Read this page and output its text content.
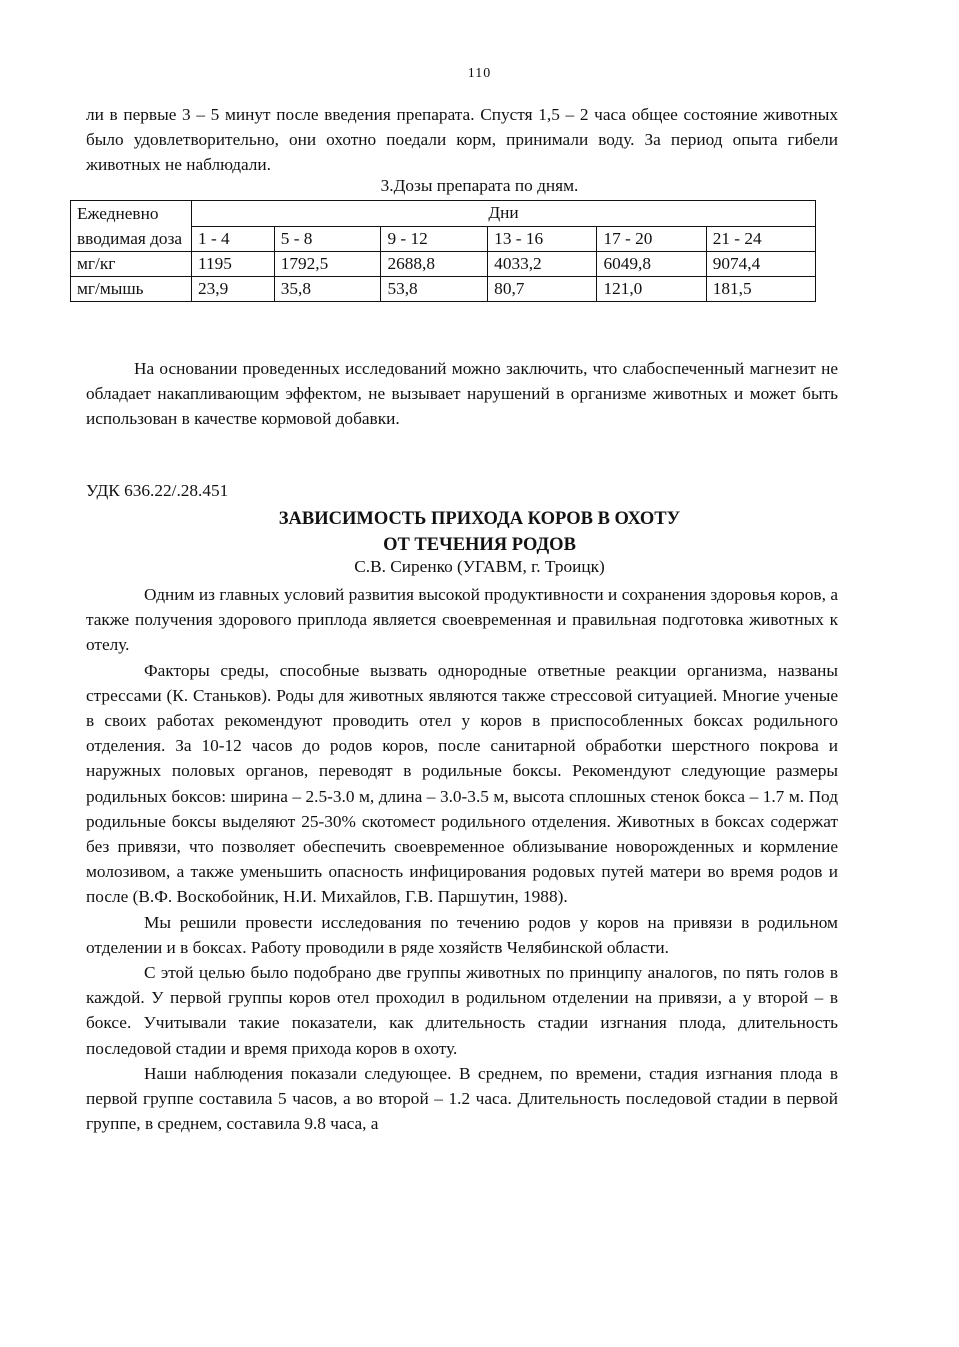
110
ли в первые 3 – 5 минут после введения препарата. Спустя 1,5 – 2 часа общее состояние животных было удовлетворительно, они охотно поедали корм, принимали воду. За период опыта гибели животных не наблюдали.
3.Дозы препарата по дням.
Ежедневно вводимая доза	Дни					
	1 - 4	5 - 8	9 - 12	13 - 16	17 - 20	21 - 24
мг/кг	1195	1792,5	2688,8	4033,2	6049,8	9074,4
мг/мышь	23,9	35,8	53,8	80,7	121,0	181,5
На основании проведенных исследований можно заключить, что слабоспеченный магнезит не обладает накапливающим эффектом, не вызывает нарушений в организме животных и может быть использован в качестве кормовой добавки.
УДК 636.22/.28.451
ЗАВИСИМОСТЬ ПРИХОДА КОРОВ В ОХОТУ
ОТ ТЕЧЕНИЯ РОДОВ
С.В. Сиренко (УГАВМ, г. Троицк)

Одним из главных условий развития высокой продуктивности и сохранения здоровья коров, а также получения здорового приплода является своевременная и правильная подготовка животных к отелу.

Факторы среды, способные вызвать однородные ответные реакции организма, названы стрессами (К. Станьков). Роды для животных являются также стрессовой ситуацией. Многие ученые в своих работах рекомендуют проводить отел у коров в приспособленных боксах родильного отделения. За 10-12 часов до родов коров, после санитарной обработки шерстного покрова и наружных половых органов, переводят в родильные боксы. Рекомендуют следующие размеры родильных боксов: ширина – 2.5-3.0 м, длина – 3.0-3.5 м, высота сплошных стенок бокса – 1.7 м. Под родильные боксы выделяют 25-30% скотомест родильного отделения. Животных в боксах содержат без привязи, что позволяет обеспечить своевременное облизывание новорожденных и кормление молозивом, а также уменьшить опасность инфицирования родовых путей матери во время родов и после (В.Ф. Воскобойник, Н.И. Михайлов, Г.В. Паршутин, 1988).

Мы решили провести исследования по течению родов у коров на привязи в родильном отделении и в боксах. Работу проводили в ряде хозяйств Челябинской области.

С этой целью было подобрано две группы животных по принципу аналогов, по пять голов в каждой. У первой группы коров отел проходил в родильном отделении на привязи, а у второй – в боксе. Учитывали такие показатели, как длительность стадии изгнания плода, длительность последовой стадии и время прихода коров в охоту.

Наши наблюдения показали следующее. В среднем, по времени, стадия изгнания плода в первой группе составила 5 часов, а во второй – 1.2 часа. Длительность последовой стадии в первой группе, в среднем, составила 9.8 часа, а
